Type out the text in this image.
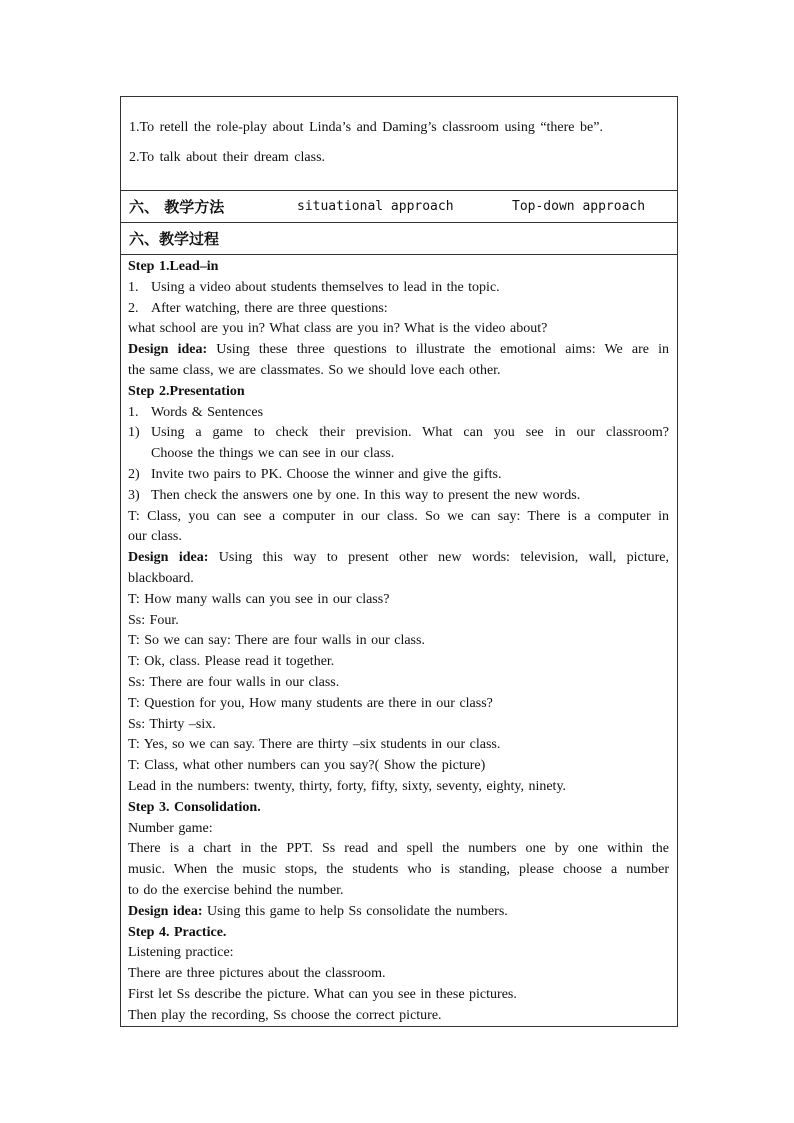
1.To retell the role-play about Linda’s and Daming’s classroom using “there be”.

2.To talk about their dream class.

六、 教学方法	situational approach	Top-down approach
六、教学过程
Step 1.Lead–in
1. Using a video about students themselves to lead in the topic.
2. After watching, there are three questions:
what school are you in? What class are you in? What is the video about?
Design idea: Using these three questions to illustrate the emotional aims: We are in
the same class, we are classmates. So we should love each other.
Step 2.Presentation
1. Words & Sentences
1) Using a game to check their prevision. What can you see in our classroom?
Choose the things we can see in our class.
2) Invite two pairs to PK. Choose the winner and give the gifts.
3) Then check the answers one by one. In this way to present the new words.
T: Class, you can see a computer in our class. So we can say: There is a computer in
our class.
Design idea: Using this way to present other new words: television, wall, picture,
blackboard.
T: How many walls can you see in our class?
Ss: Four.
T: So we can say: There are four walls in our class.
T: Ok, class. Please read it together.
Ss: There are four walls in our class.
T: Question for you, How many students are there in our class?
Ss: Thirty –six.
T: Yes, so we can say. There are thirty –six students in our class.
T: Class, what other numbers can you say?( Show the picture)
Lead in the numbers: twenty, thirty, forty, fifty, sixty, seventy, eighty, ninety.
Step 3. Consolidation.
Number game:
There is a chart in the PPT. Ss read and spell the numbers one by one within the
music. When the music stops, the students who is standing, please choose a number
to do the exercise behind the number.
Design idea: Using this game to help Ss consolidate the numbers.
Step 4. Practice.
Listening practice:
There are three pictures about the classroom.
First let Ss describe the picture. What can you see in these pictures.
Then play the recording, Ss choose the correct picture.
